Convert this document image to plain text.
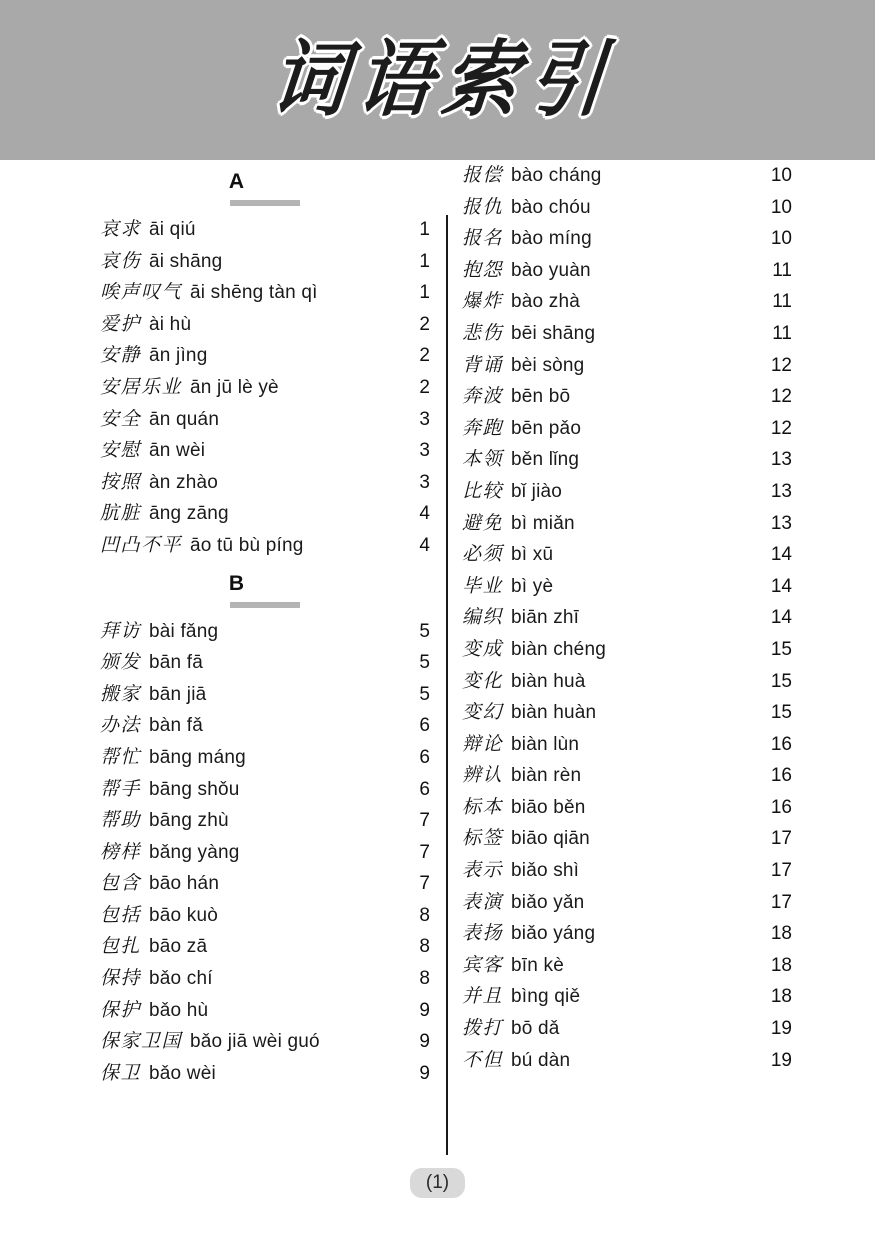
词语索引
A
哀求 āi qiú	1
哀伤 āi shāng	1
唉声叹气 āi shēng tàn qì	1
爱护 ài hù	2
安静 ān jìng	2
安居乐业 ān jū lè yè	2
安全 ān quán	3
安慰 ān wèi	3
按照 àn zhào	3
肮脏 āng zāng	4
凹凸不平 āo tū bù píng	4
B
拜访 bài fǎng	5
颁发 bān fā	5
搬家 bān jiā	5
办法 bàn fǎ	6
帮忙 bāng máng	6
帮手 bāng shǒu	6
帮助 bāng zhù	7
榜样 bǎng yàng	7
包含 bāo hán	7
包括 bāo kuò	8
包扎 bāo zā	8
保持 bǎo chí	8
保护 bǎo hù	9
保家卫国 bǎo jiā wèi guó	9
保卫 bǎo wèi	9
报偿 bào cháng	10
报仇 bào chóu	10
报名 bào míng	10
抱怨 bào yuàn	11
爆炸 bào zhà	11
悲伤 bēi shāng	11
背诵 bèi sòng	12
奔波 bēn bō	12
奔跑 bēn pǎo	12
本领 běn lǐng	13
比较 bǐ jiào	13
避免 bì miǎn	13
必须 bì xū	14
毕业 bì yè	14
编织 biān zhī	14
变成 biàn chéng	15
变化 biàn huà	15
变幻 biàn huàn	15
辩论 biàn lùn	16
辨认 biàn rèn	16
标本 biāo běn	16
标签 biāo qiān	17
表示 biǎo shì	17
表演 biǎo yǎn	17
表扬 biǎo yáng	18
宾客 bīn kè	18
并且 bìng qiě	18
拨打 bō dǎ	19
不但 bú dàn	19
(1)
